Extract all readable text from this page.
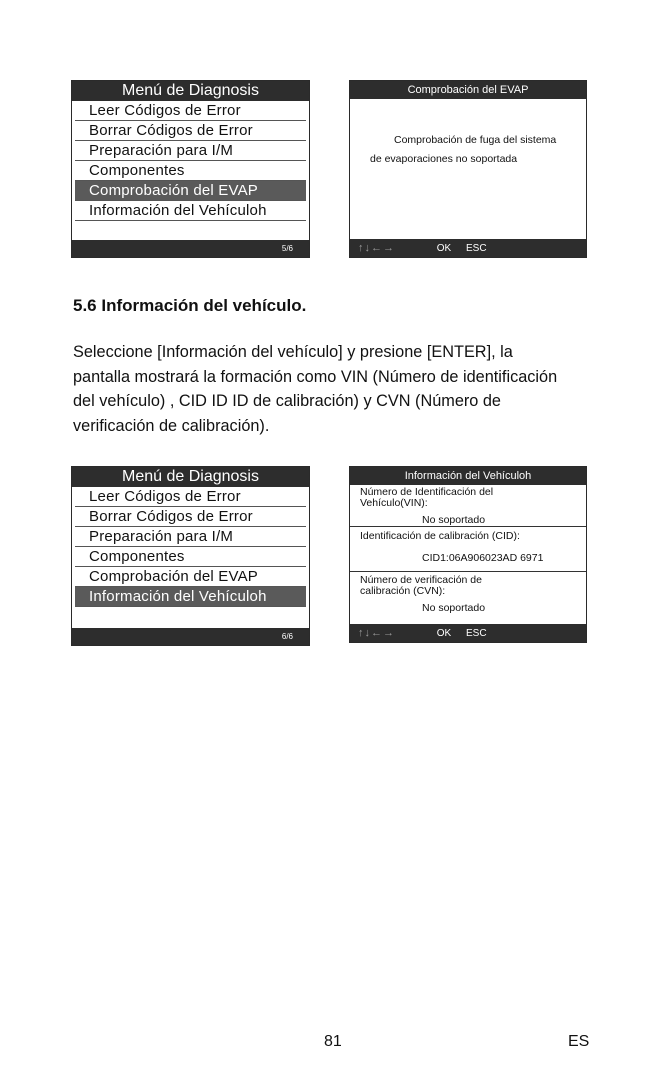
Menú de Diagnosis
Leer Códigos de Error
Borrar Códigos de Error
Preparación para I/M
Componentes
Comprobación del EVAP
Información del Vehículoh
5/6
Comprobación del EVAP
Comprobación de fuga del sistema de evaporaciones no soportada
↑↓←→	OK ESC
5.6 Información del vehículo.

Seleccione [Información del vehículo] y presione [ENTER], la pantalla mostrará la formación como VIN (Número de identificación del vehículo) , CID ID ID de calibración) y CVN (Número de verificación de calibración).

Menú de Diagnosis
Leer Códigos de Error
Borrar Códigos de Error
Preparación para I/M
Componentes
Comprobación del EVAP
Información del Vehículoh
6/6
Información del Vehículoh
Número de Identificación del
Vehículo(VIN):
No soportado
Identificación de calibración (CID):
CID1:06A906023AD 6971
Número de verificación de
calibración (CVN):
No soportado
↑↓←→	OK ESC
81	ES
